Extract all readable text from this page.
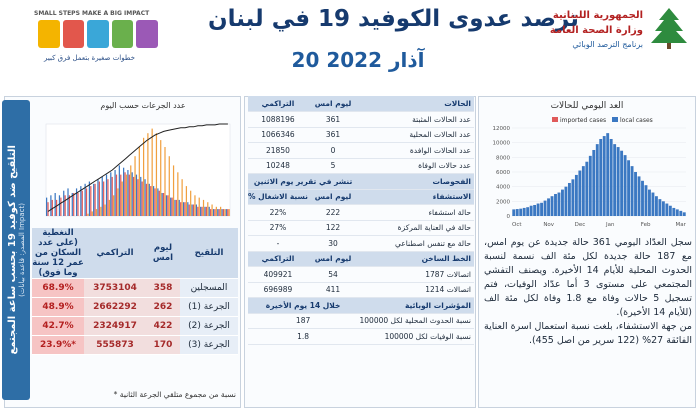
SMALL STEPS MAKE A BIG IMPACT
خطوات صغيرة بتعمل فرق كبير
ترصد عدوى الكوفيد 19 في لبنان
20 آذار 2022
الجمهورية اللبنانية
وزارة الصحة العامة
برنامج الترصد الوبائي
التلقيح ضد كوفيد 19 بحسب ساعة المجتمع
(المصدر: قاعدة بيانات Impact)
عدد الجرعات حسب اليوم
النغطية (على عدد السكان من عمر 12 سنة وما فوق)	التراكمي	ليوم امس	التلقيح
68.9%	3753104	358	المسجلين
48.9%	2662292	262	الجرعة (1)
42.7%	2324917	422	الجرعة (2)
23.9%*	555873	170	الجرعة (3)
* نسبة من مجموع متلقي الجرعة الثانية
التراكمي	ليوم امس	الحالات
1088196	361	عدد الحالات المثبتة
1066346	361	عدد الحالات المحلية
21850	0	عدد الحالات الوافدة
10248	5	عدد حالات الوفاة
تنشر في تقرير يوم الاثنين		الفحوصات
% نسبة الاشغال	ليوم امس	الاستشفاء
22%	222	حالة استشفاء
27%	122	حالة في العناية المركزة
-	30	حالة مع تنفس اصطناعي
التراكمي	ليوم امس	الخط الساخن
409921	54	اتصالات 1787
696989	411	اتصالات 1214
خلال 14 يوم الأخيرة		المؤشرات الوبائية
187		نسبة الحدوث المحلية لكل 100000
1.8		نسبة الوفيات لكل 100000
العد اليومي للحالات
imported cases local cases
0
2000
4000
6000
8000
10000
12000
Oct	Nov	Dec	Jan	Feb	Mar

سجل العدّاد اليومي 361 حالة جديدة عن يوم امس، مع 187 حالة جديدة لكل مئة الف نسمة لنسبة الحدوث المحلية للأيام 14 الأخيرة. ويصنف التفشي المجتمعي على مستوى 3 أما عدّاد الوفيات، فتم تسجيل 5 حالات وفاة مع 1.8 وفاة لكل مئة الف (للأيام 14 الأخيرة).

من جهة الاستشفاء، بلغت نسبة استعمال اسرة العناية الفائقة 27% (122 سرير من اصل 455).
